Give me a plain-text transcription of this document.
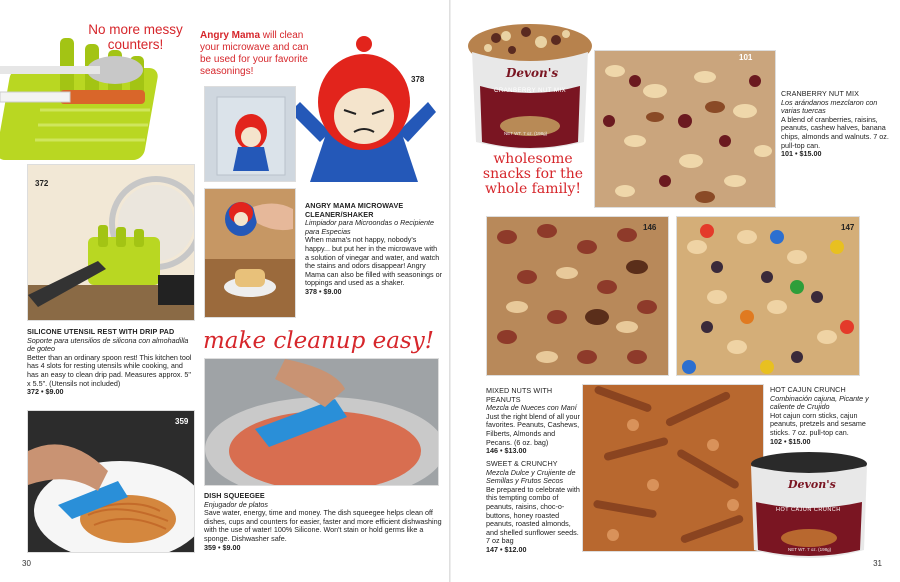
No more messy counters!
Angry Mama will clean your microwave and can be used for your favorite seasonings!
378
ANGRY MAMA MICROWAVE CLEANER/SHAKER
Limpiador para Microondas o Recipiente para Especias
When mama's not happy, nobody's happy... but put her in the microwave with a solution of vinegar and water, and watch the stains and odors disappear! Angry Mama can also be filled with seasonings or toppings and used as a shaker.
378 • $9.00
372
SILICONE UTENSIL REST WITH DRIP PAD
Soporte para utensilios de silicona con almohadilla de goteo
Better than an ordinary spoon rest! This kitchen tool has 4 slots for resting utensils while cooking, and has an easy to clean drip pad. Measures approx. 5" x 5.5". (Utensils not included)
372 • $9.00
make cleanup easy!
359
DISH SQUEEGEE
Enjugador de platos
Save water, energy, time and money. The dish squeegee helps clean off dishes, cups and counters for easier, faster and more efficient dishwashing with the use of water! 100% Silicone. Won't stain or hold germs like a sponge. Dishwasher safe.
359 • $9.00
30
Devon's
CRANBERRY NUT MIX
NET WT. 7 oz. (198g)
101
CRANBERRY NUT MIX
Los arándanos mezclaron con varias tuercas
A blend of cranberries, raisins, peanuts, cashew halves, banana chips, almonds and walnuts. 7 oz. pull-top can.
101 • $15.00
wholesome snacks for the whole family!
146	147
MIXED NUTS WITH PEANUTS
Mezcla de Nueces con Maní
Just the right blend of all your favorites. Peanuts, Cashews, Filberts, Almonds and Pecans. (6 oz. bag)
146 • $13.00
SWEET & CRUNCHY
Mezcla Dulce y Crujiente de Semillas y Frutos Secos
Be prepared to celebrate with this tempting combo of peanuts, raisins, choc-o-buttons, honey roasted peanuts, roasted almonds, and shelled sunflower seeds. 7 oz bag
147 • $12.00
Devon's
HOT CAJUN CRUNCH
NET WT. 7 oz. (198g)
HOT CAJUN CRUNCH
Combinación cajuna, Picante y caliente de Crujido
Hot cajun corn sticks, cajun peanuts, pretzels and sesame sticks. 7 oz. pull-top can.
102 • $15.00
31
